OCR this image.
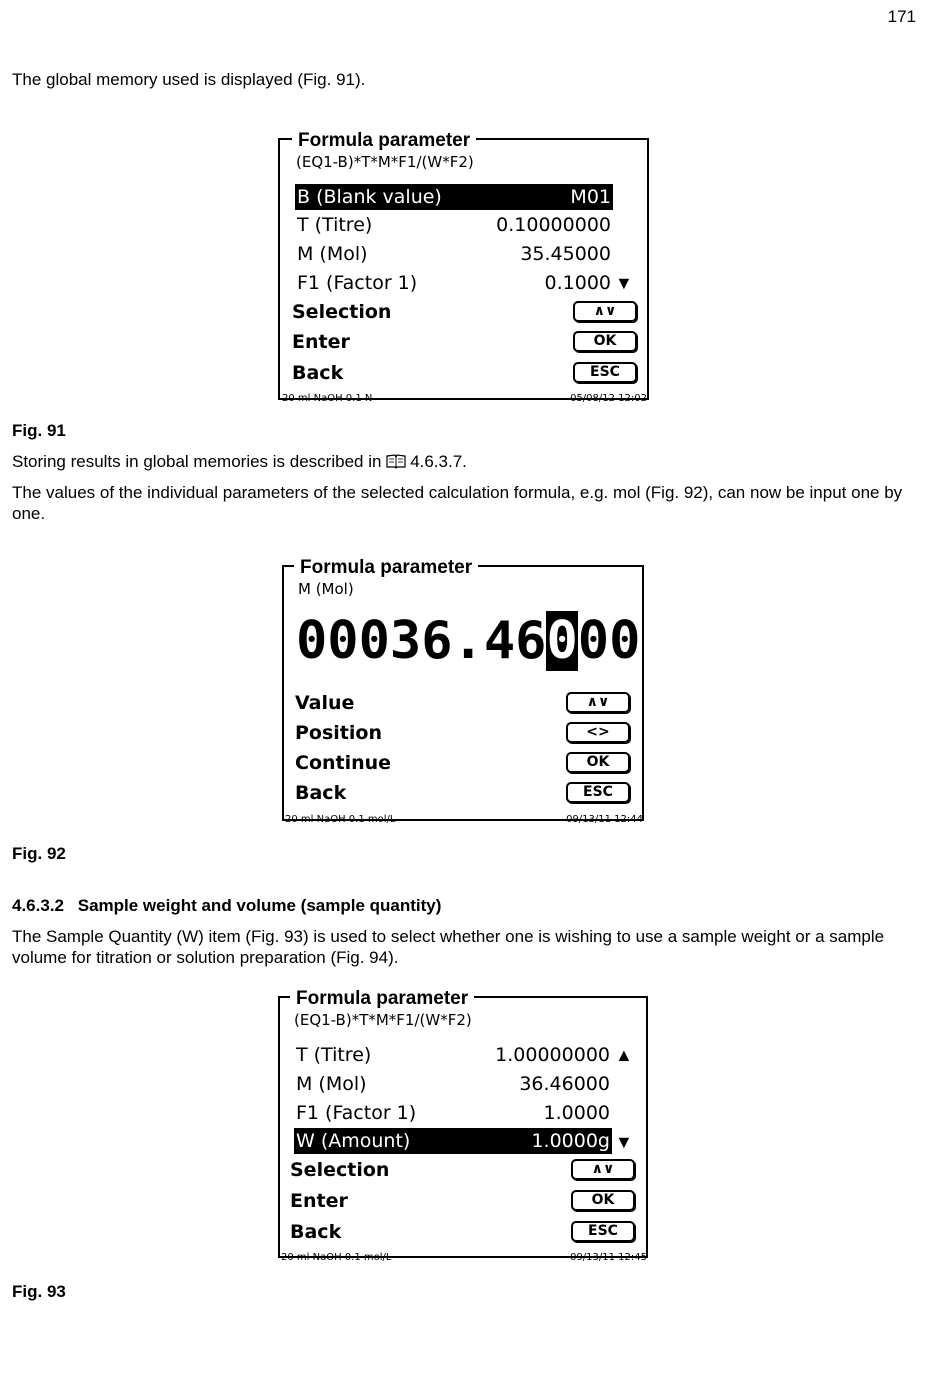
171
The global memory used is displayed (Fig. 91).
Formula parameter
(EQ1-B)*T*M*F1/(W*F2)
B (Blank value)	M01
T (Titre)	0.10000000
M (Mol)	35.45000
F1 (Factor 1)	0.1000 ▼
Selection	∧∨
Enter	OK
Back	ESC
20 ml NaOH 0.1 N	05/08/12 12:02
Fig. 91
Storing results in global memories is described in 4.6.3.7.
The values of the individual parameters of the selected calculation formula, e.g. mol (Fig. 92), can now be input one by one.
Formula parameter
M (Mol)
00036.46000
Value	∧∨
Position	<>
Continue	OK
Back	ESC
20 ml NaOH 0.1 mol/L	09/13/11 12:44
Fig. 92
4.6.3.2 Sample weight and volume (sample quantity)
The Sample Quantity (W) item (Fig. 93) is used to select whether one is wishing to use a sample weight or a sample volume for titration or solution preparation (Fig. 94).
Formula parameter
(EQ1-B)*T*M*F1/(W*F2)
T (Titre)	1.00000000 ▲
M (Mol)	36.46000
F1 (Factor 1)	1.0000
W (Amount)	1.0000g ▼
Selection	∧∨
Enter	OK
Back	ESC
20 ml NaOH 0.1 mol/L	09/13/11 12:45
Fig. 93
